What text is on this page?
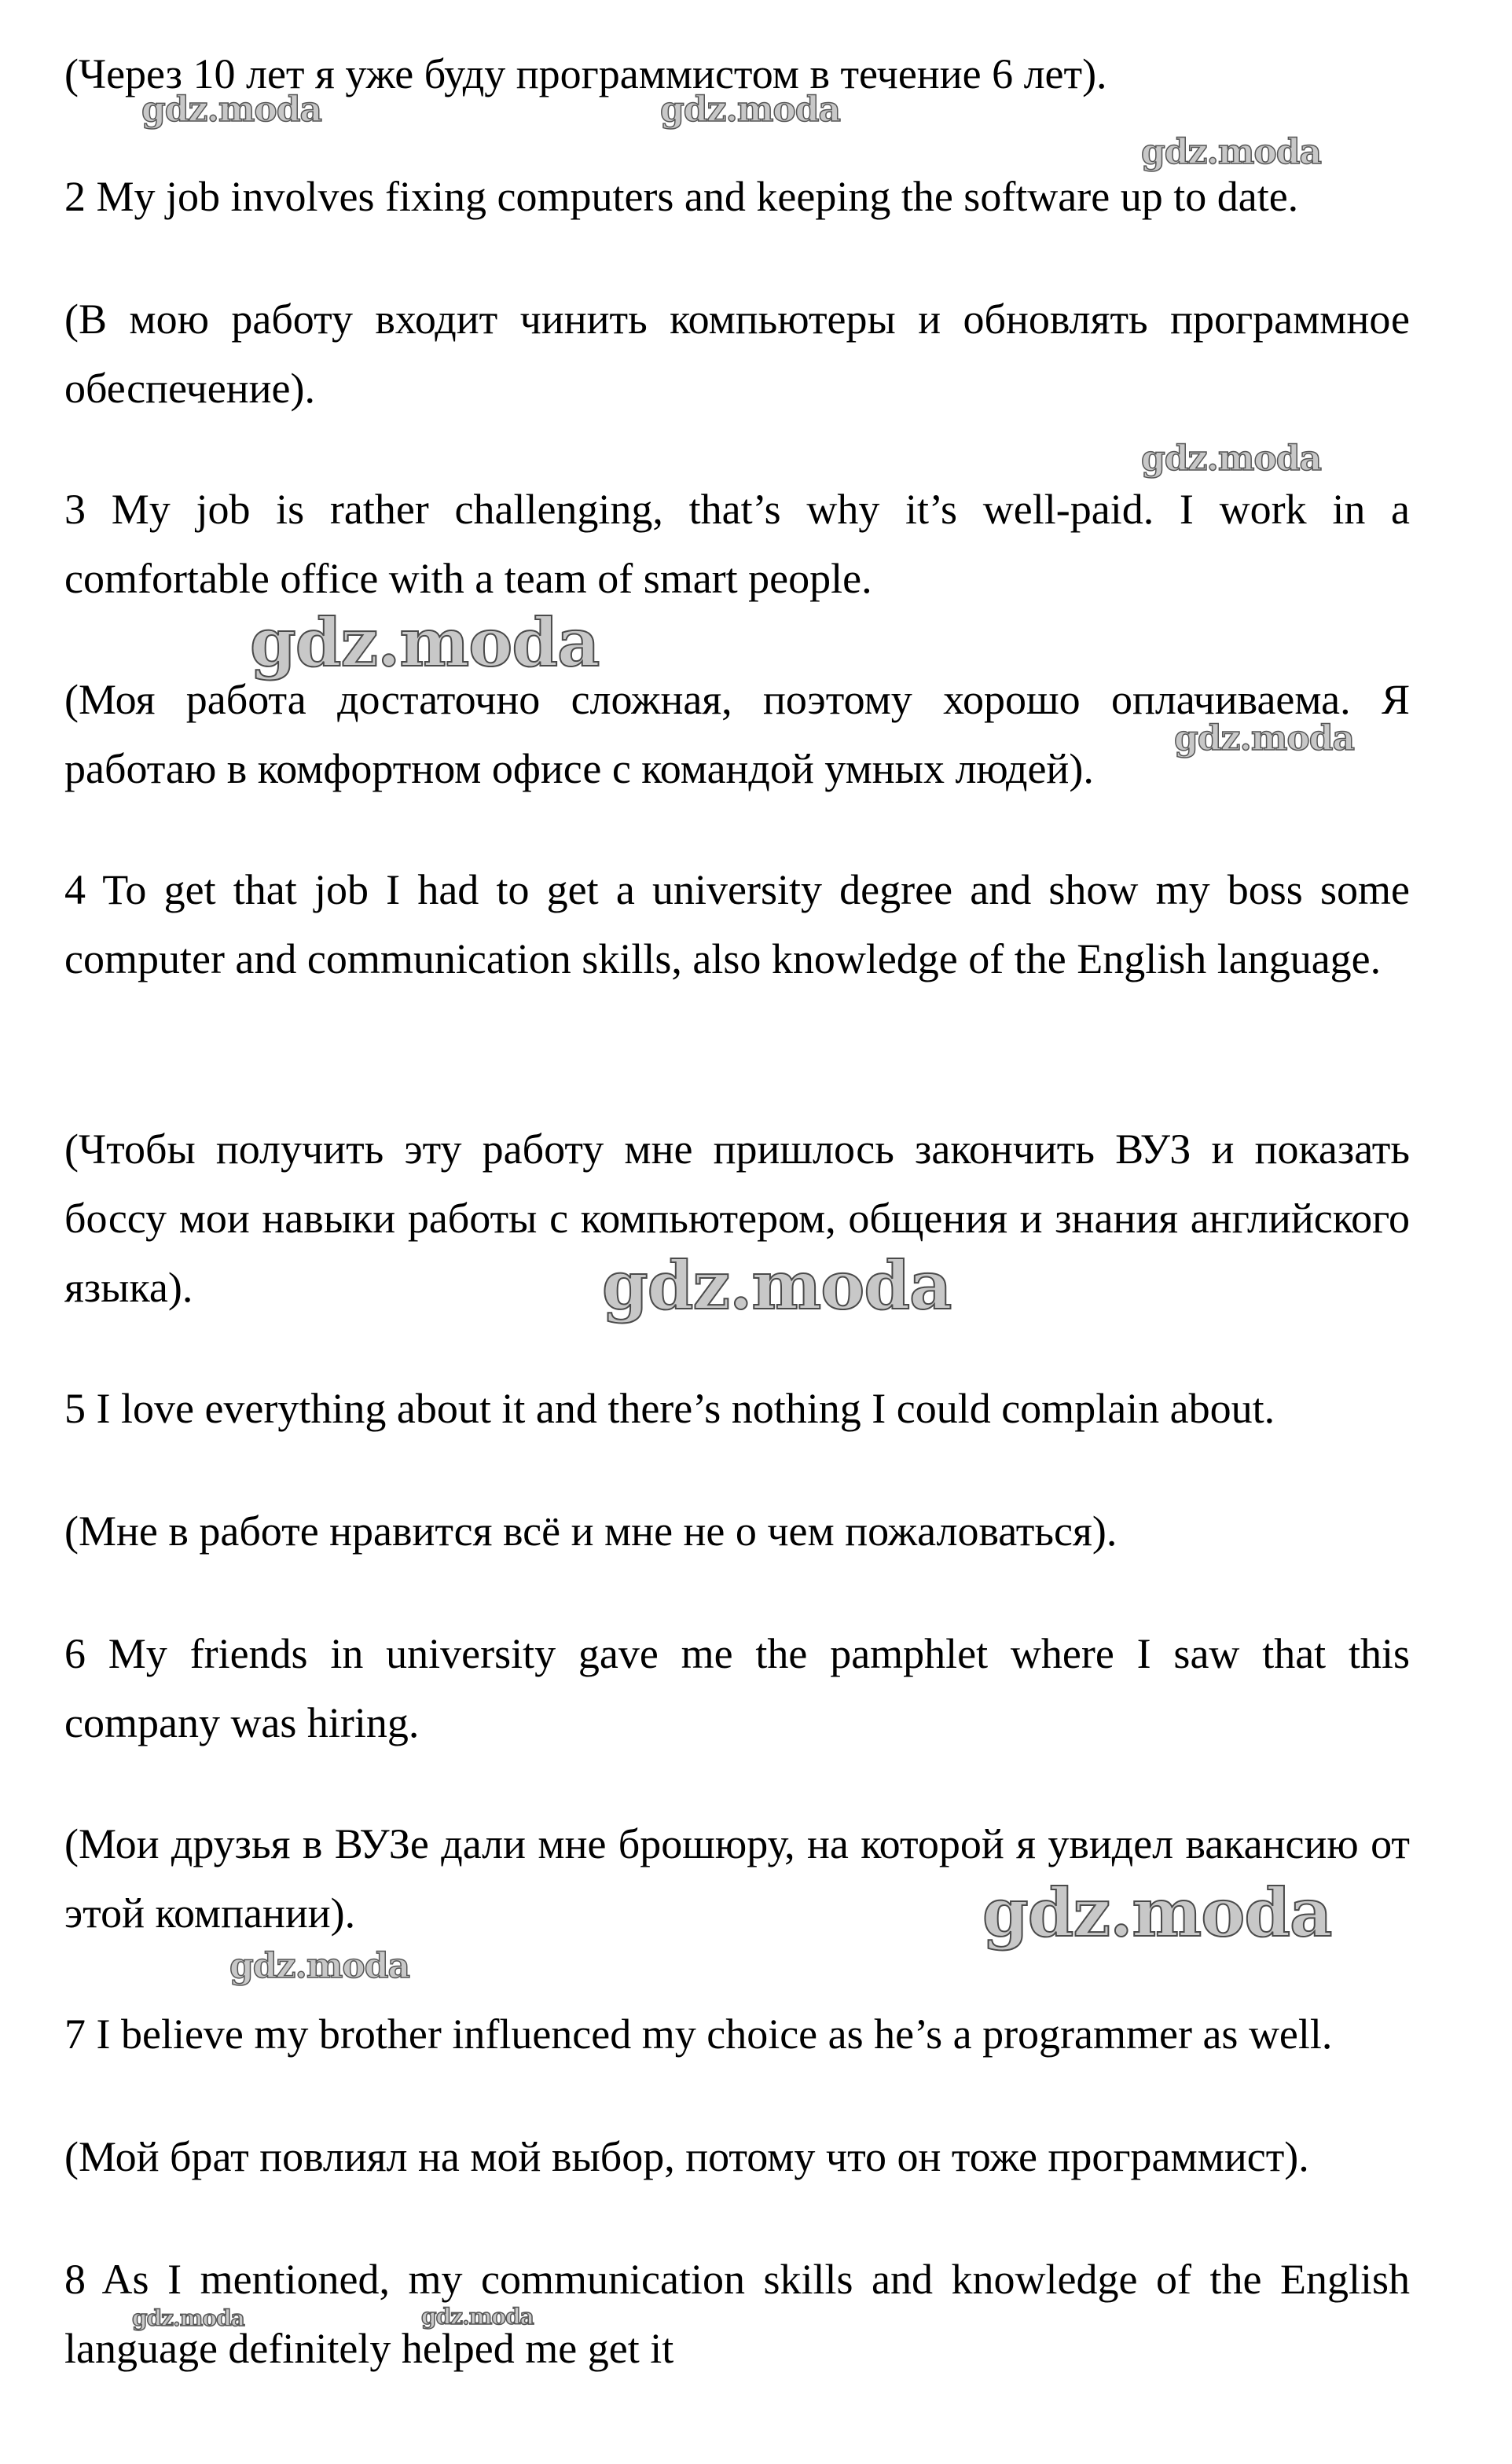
(Через 10 лет я уже буду программистом в течение 6 лет).

2 My job involves fixing computers and keeping the software up to date.

(В мою работу входит чинить компьютеры и обновлять программное обеспечение).

3 My job is rather challenging, that’s why it’s well-paid. I work in a comfortable office with a team of smart people.

(Моя работа достаточно сложная, поэтому хорошо оплачиваема. Я работаю в комфортном офисе с командой умных людей).

4 To get that job I had to get a university degree and show my boss some computer and communication skills, also knowledge of the English language.

(Чтобы получить эту работу мне пришлось закончить ВУЗ и показать боссу мои навыки работы с компьютером, общения и знания английского языка).

5 I love everything about it and there’s nothing I could complain about.

(Мне в работе нравится всё и мне не о чем пожаловаться).

6 My friends in university gave me the pamphlet where I saw that this company was hiring.

(Мои друзья в ВУЗе дали мне брошюру, на которой я увидел вакансию от этой компании).

7 I believe my brother influenced my choice as he’s a programmer as well.

(Мой брат повлиял на мой выбор, потому что он тоже программист).

8 As I mentioned, my communication skills and knowledge of the English language definitely helped me get it

gdz.moda	gdz.moda
gdz.moda
gdz.moda
gdz.moda
gdz.moda
gdz.moda
gdz.moda
gdz.moda
gdz.moda	gdz.moda
